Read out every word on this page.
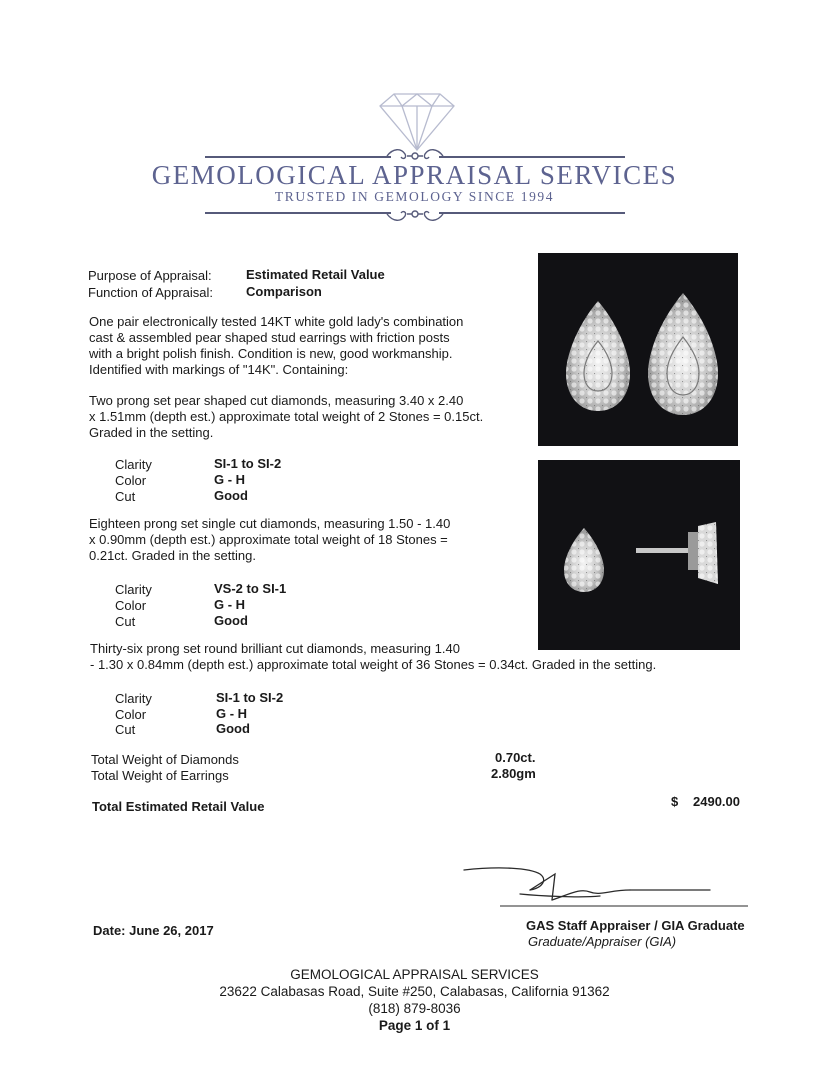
GEMOLOGICAL APPRAISAL SERVICES
TRUSTED IN GEMOLOGY SINCE 1994
Purpose of Appraisal:	Estimated Retail Value
Function of Appraisal:	Comparison
One pair electronically tested 14KT white gold lady's combination
cast & assembled pear shaped stud earrings with friction posts
with a bright polish finish. Condition is new, good workmanship.
Identified with markings of "14K". Containing:
Two prong set pear shaped cut diamonds, measuring 3.40 x 2.40
x 1.51mm (depth est.) approximate total weight of 2 Stones = 0.15ct.
Graded in the setting.
Clarity	SI-1 to SI-2
Color	G - H
Cut	Good
Eighteen prong set single cut diamonds, measuring 1.50 - 1.40
x 0.90mm (depth est.) approximate total weight of 18 Stones =
0.21ct. Graded in the setting.
Clarity	VS-2 to SI-1
Color	G - H
Cut	Good
Thirty-six prong set round brilliant cut diamonds, measuring 1.40
- 1.30 x 0.84mm (depth est.) approximate total weight of 36 Stones = 0.34ct. Graded in the setting.
Clarity	SI-1 to SI-2
Color	G - H
Cut	Good
Total Weight of Diamonds	0.70ct.
Total Weight of Earrings	2.80gm
Total Estimated Retail Value	$ 2490.00
Date: June 26, 2017	GAS Staff Appraiser / GIA Graduate
Graduate/Appraiser (GIA)
GEMOLOGICAL APPRAISAL SERVICES
23622 Calabasas Road, Suite #250, Calabasas, California 91362
(818) 879-8036
Page 1 of 1
